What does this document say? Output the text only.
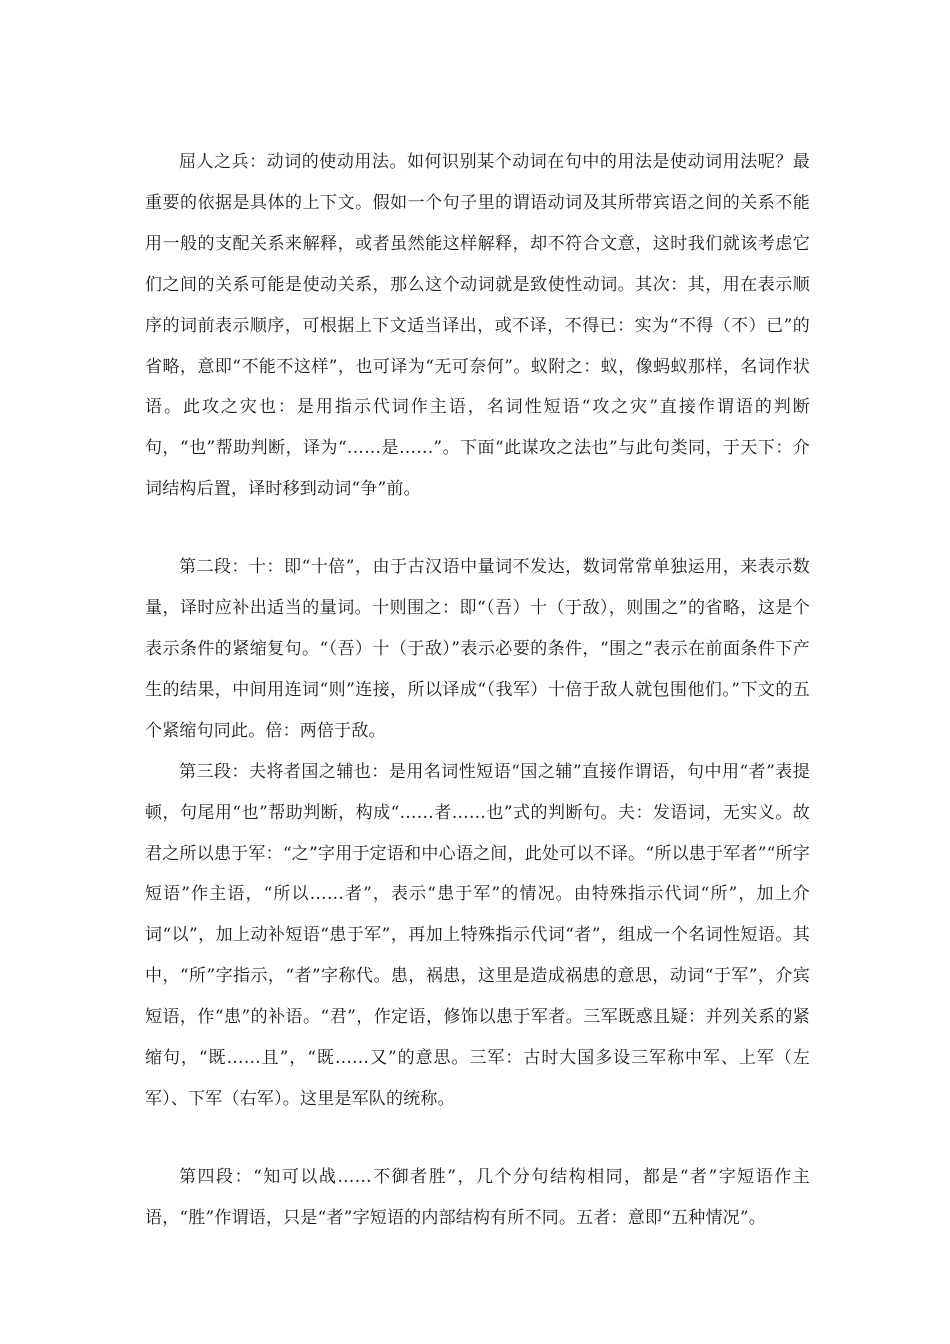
屈人之兵：动词的使动用法。如何识别某个动词在句中的用法是使动词用法呢？最重要的依据是具体的上下文。假如一个句子里的谓语动词及其所带宾语之间的关系不能用一般的支配关系来解释，或者虽然能这样解释，却不符合文意，这时我们就该考虑它们之间的关系可能是使动关系，那么这个动词就是致使性动词。其次：其，用在表示顺序的词前表示顺序，可根据上下文适当译出，或不译，不得已：实为“不得（不）已”的省略，意即“不能不这样”，也可译为“无可奈何”。蚁附之：蚁，像蚂蚁那样，名词作状语。此攻之灾也：是用指示代词作主语，名词性短语“攻之灾”直接作谓语的判断句，“也”帮助判断，译为“……是……”。下面“此谋攻之法也”与此句类同，于天下：介词结构后置，译时移到动词“争”前。

第二段：十：即“十倍”，由于古汉语中量词不发达，数词常常单独运用，来表示数量，译时应补出适当的量词。十则围之：即“（吾）十（于敌），则围之”的省略，这是个表示条件的紧缩复句。“（吾）十（于敌）”表示必要的条件，“围之”表示在前面条件下产生的结果，中间用连词“则”连接，所以译成“（我军）十倍于敌人就包围他们。”下文的五个紧缩句同此。倍：两倍于敌。

第三段：夫将者国之辅也：是用名词性短语“国之辅”直接作谓语，句中用“者”表提顿，句尾用“也”帮助判断，构成“……者……也”式的判断句。夫：发语词，无实义。故君之所以患于军：“之”字用于定语和中心语之间，此处可以不译。“所以患于军者”“所字短语”作主语，“所以……者”，表示“患于军”的情况。由特殊指示代词“所”，加上介词“以”，加上动补短语“患于军”，再加上特殊指示代词“者”，组成一个名词性短语。其中，“所”字指示，“者”字称代。患，祸患，这里是造成祸患的意思，动词“于军”，介宾短语，作“患”的补语。“君”，作定语，修饰以患于军者。三军既惑且疑：并列关系的紧缩句，“既……且”，“既……又”的意思。三军：古时大国多设三军称中军、上军（左军）、下军（右军）。这里是军队的统称。

第四段：“知可以战……不御者胜”，几个分句结构相同，都是“者”字短语作主语，“胜”作谓语，只是“者”字短语的内部结构有所不同。五者：意即“五种情况”。
